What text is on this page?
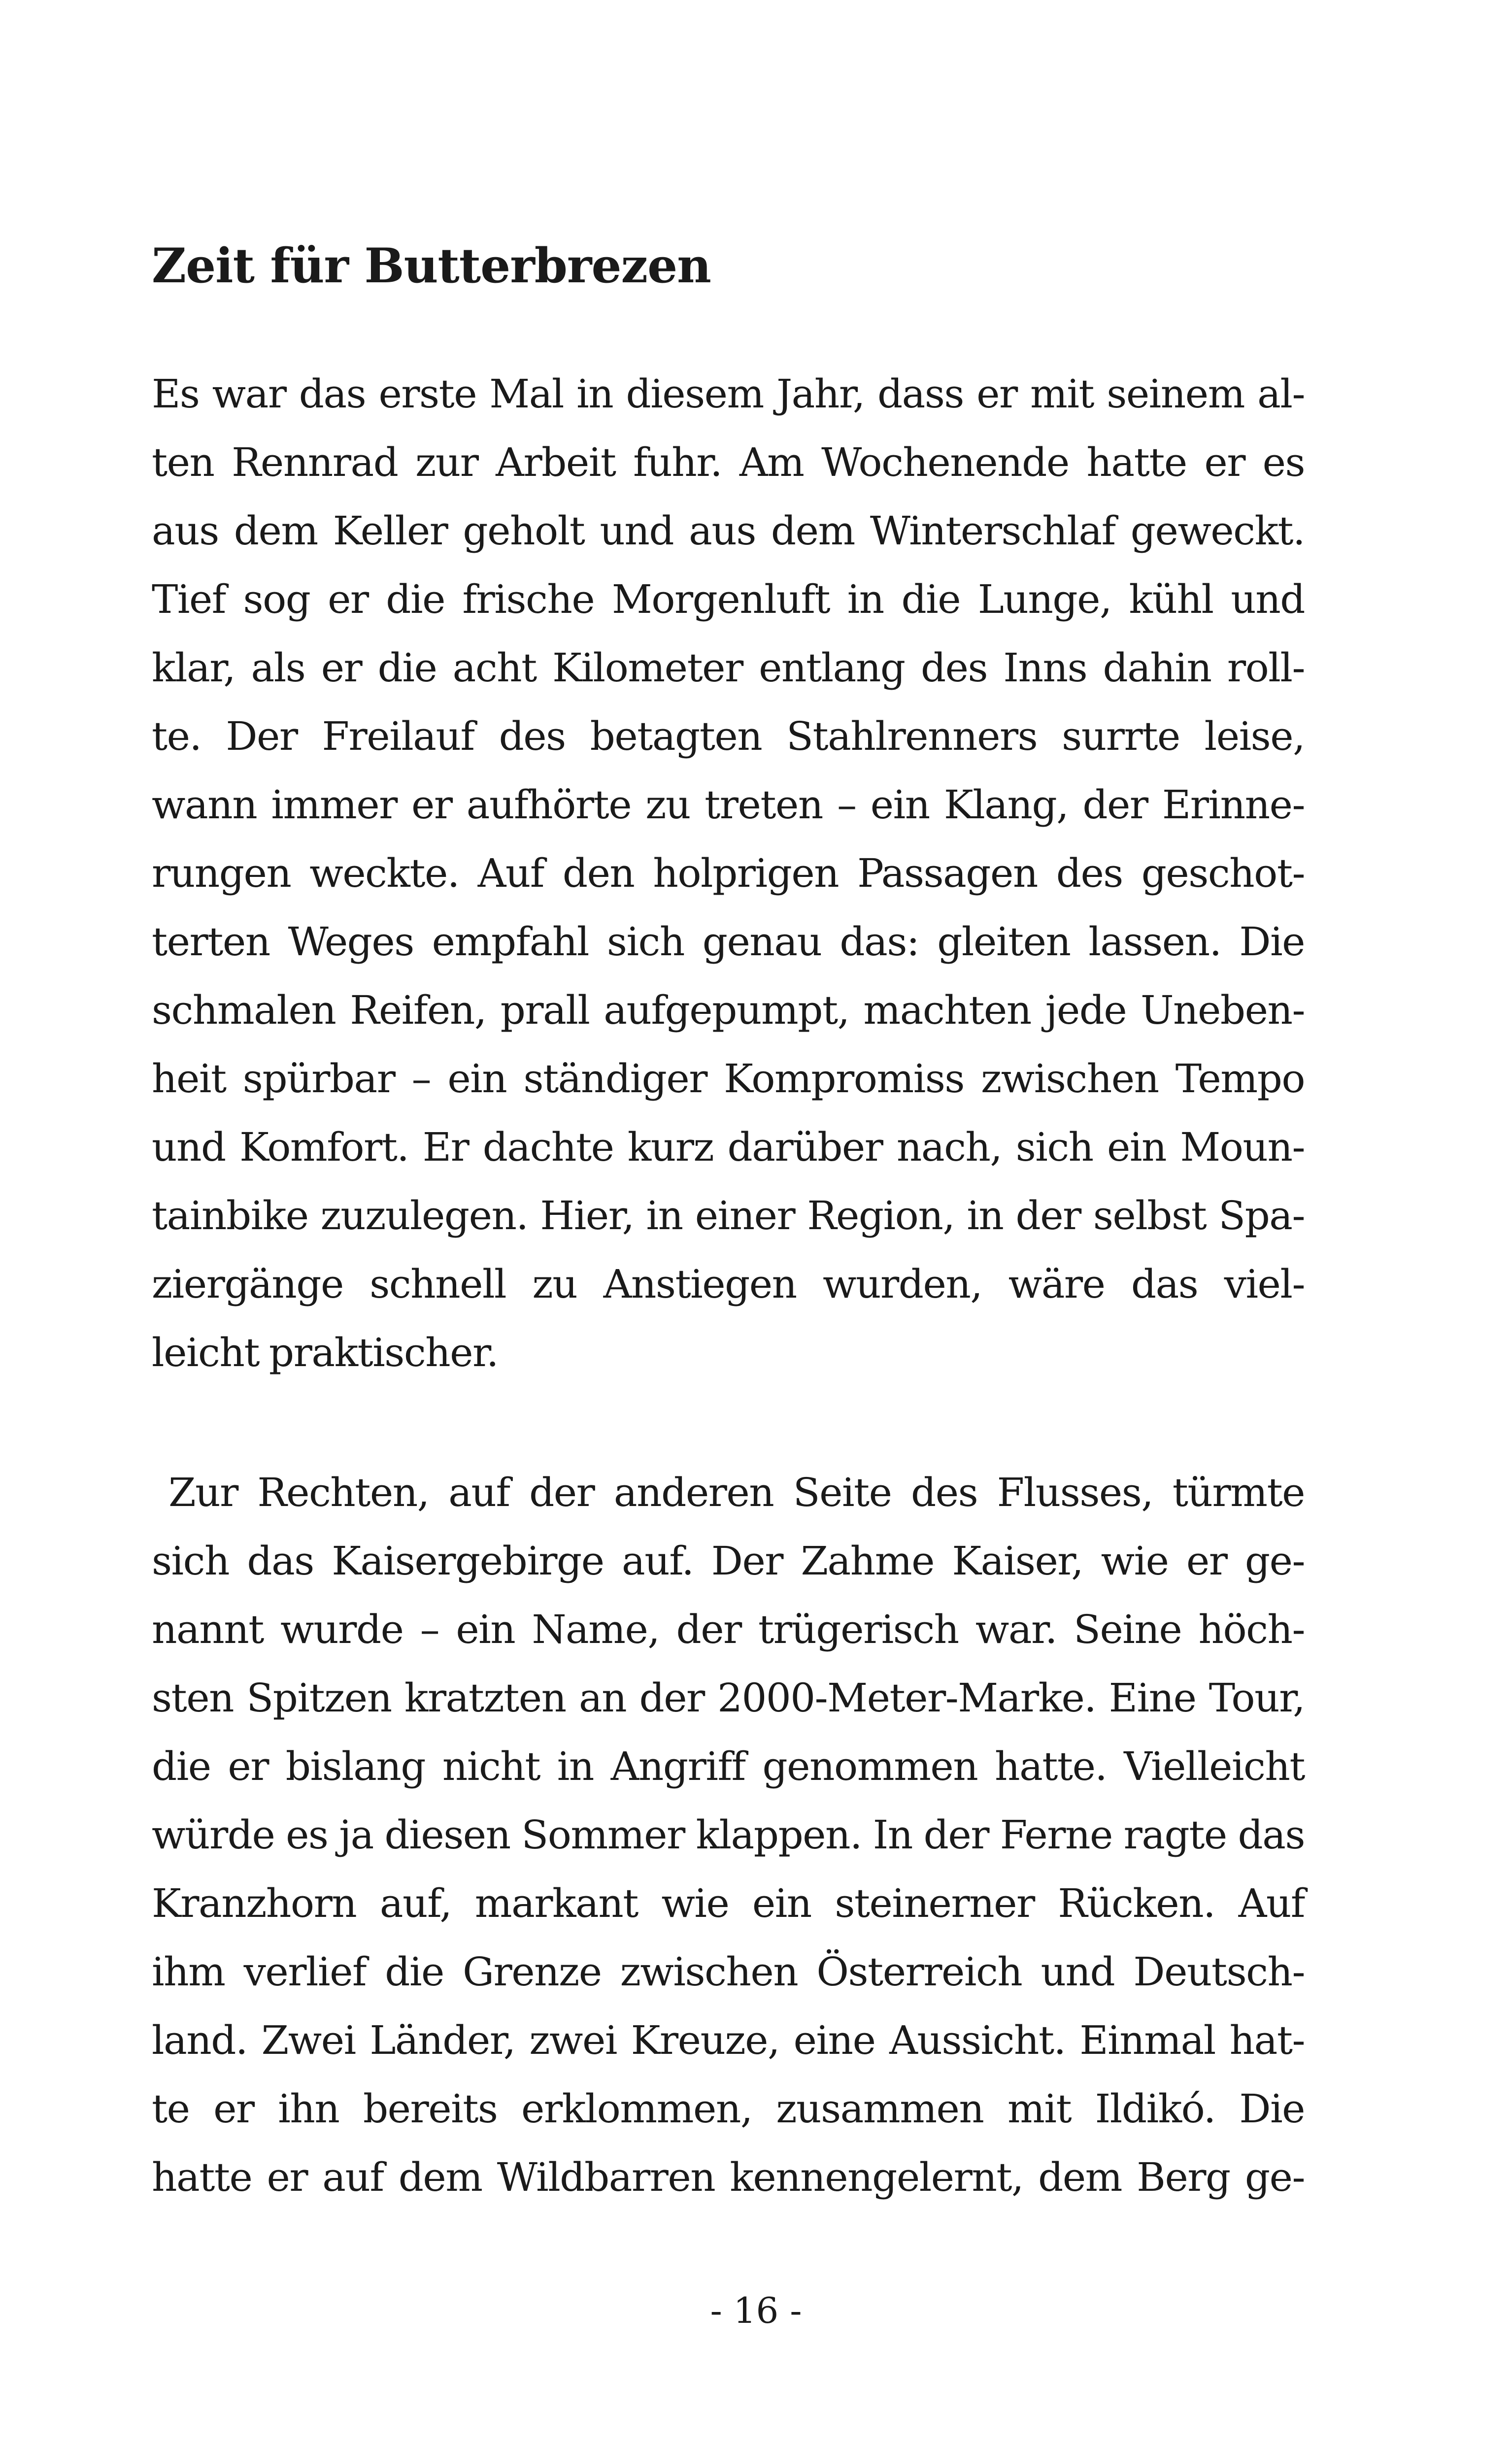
Zeit für Butterbrezen
Es war das erste Mal in diesem Jahr, dass er mit seinem al-
ten Rennrad zur Arbeit fuhr. Am Wochenende hatte er es
aus dem Keller geholt und aus dem Winterschlaf geweckt.
Tief sog er die frische Morgenluft in die Lunge, kühl und
klar, als er die acht Kilometer entlang des Inns dahin roll-
te. Der Freilauf des betagten Stahlrenners surrte leise,
wann immer er aufhörte zu treten – ein Klang, der Erinne-
rungen weckte. Auf den holprigen Passagen des geschot-
terten Weges empfahl sich genau das: gleiten lassen. Die
schmalen Reifen, prall aufgepumpt, machten jede Uneben-
heit spürbar – ein ständiger Kompromiss zwischen Tempo
und Komfort. Er dachte kurz darüber nach, sich ein Moun-
tainbike zuzulegen. Hier, in einer Region, in der selbst Spa-
ziergänge schnell zu Anstiegen wurden, wäre das viel-
leicht praktischer.
Zur Rechten, auf der anderen Seite des Flusses, türmte
sich das Kaisergebirge auf. Der Zahme Kaiser, wie er ge-
nannt wurde – ein Name, der trügerisch war. Seine höch-
sten Spitzen kratzten an der 2000-Meter-Marke. Eine Tour,
die er bislang nicht in Angriff genommen hatte. Vielleicht
würde es ja diesen Sommer klappen. In der Ferne ragte das
Kranzhorn auf, markant wie ein steinerner Rücken. Auf
ihm verlief die Grenze zwischen Österreich und Deutsch-
land. Zwei Länder, zwei Kreuze, eine Aussicht. Einmal hat-
te er ihn bereits erklommen, zusammen mit Ildikó. Die
hatte er auf dem Wildbarren kennengelernt, dem Berg ge-

- 16 -
